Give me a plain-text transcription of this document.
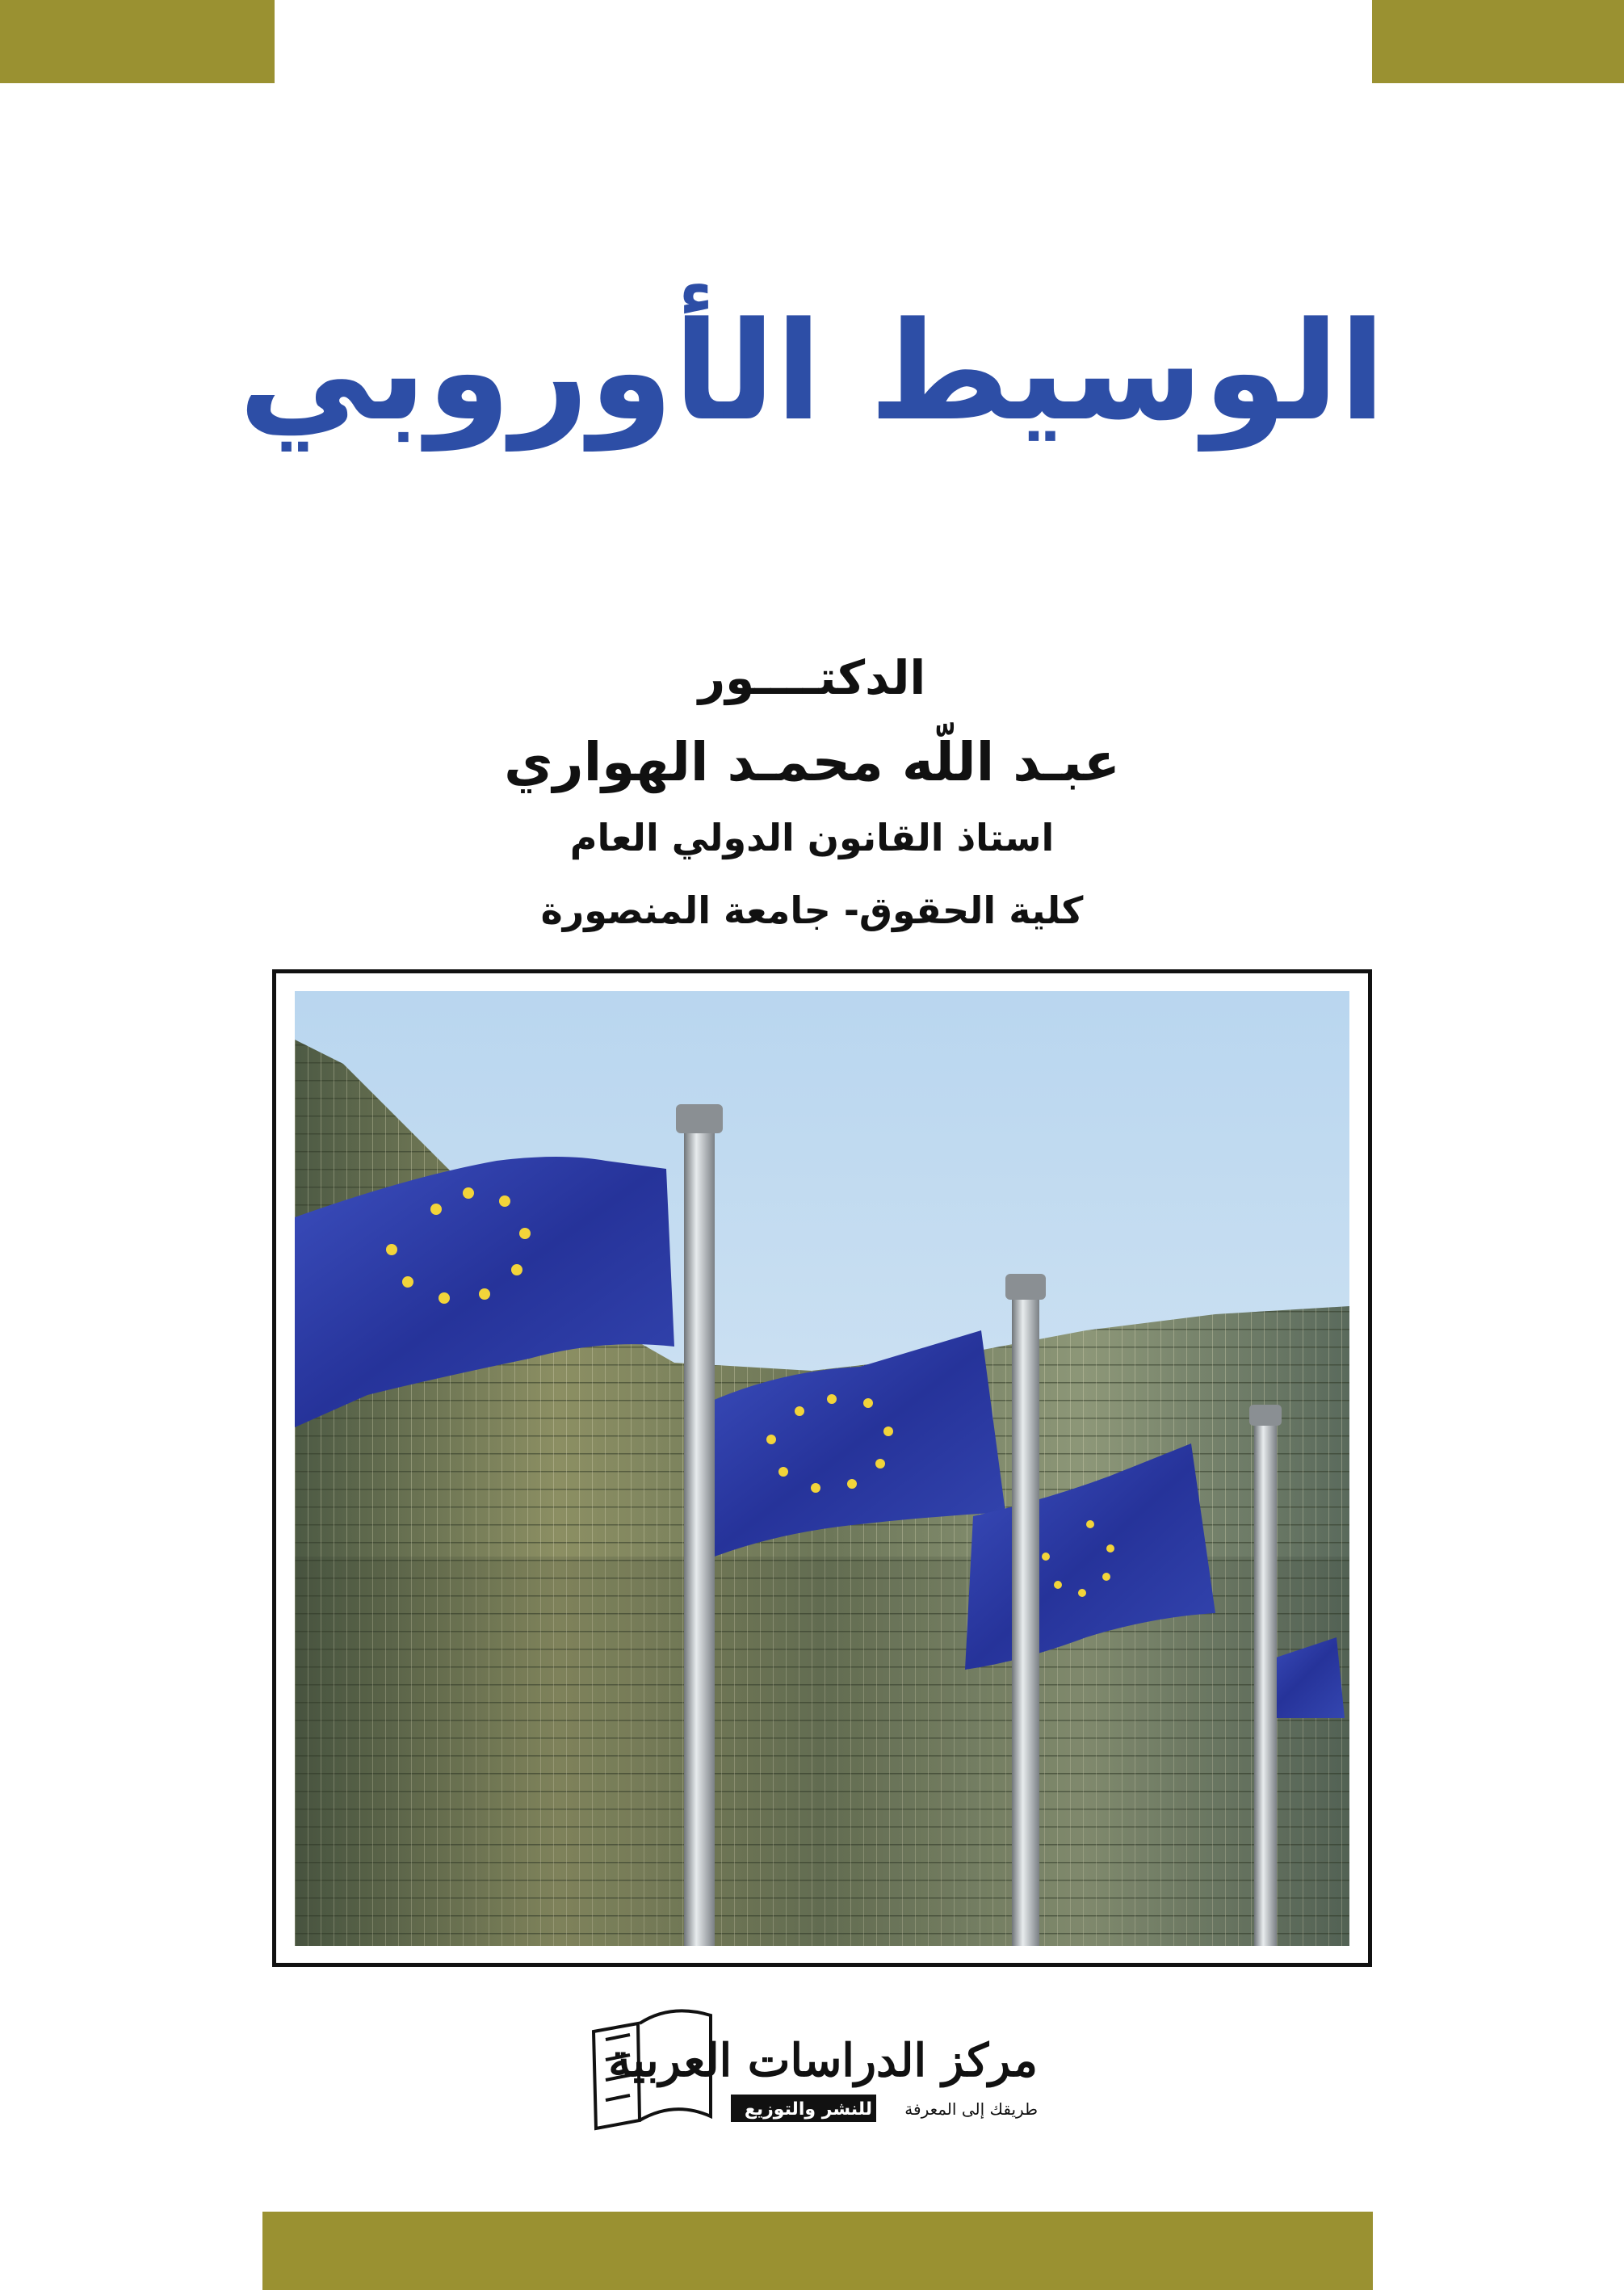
الوسيط الأوروبي
الدكتــــور
عبـد اللّه محمـد الهواري
استاذ القانون الدولي العام
كلية الحقوق- جامعة المنصورة
مركز الدراسات العربية
للنشر والتوزيع طريقك إلى المعرفة
